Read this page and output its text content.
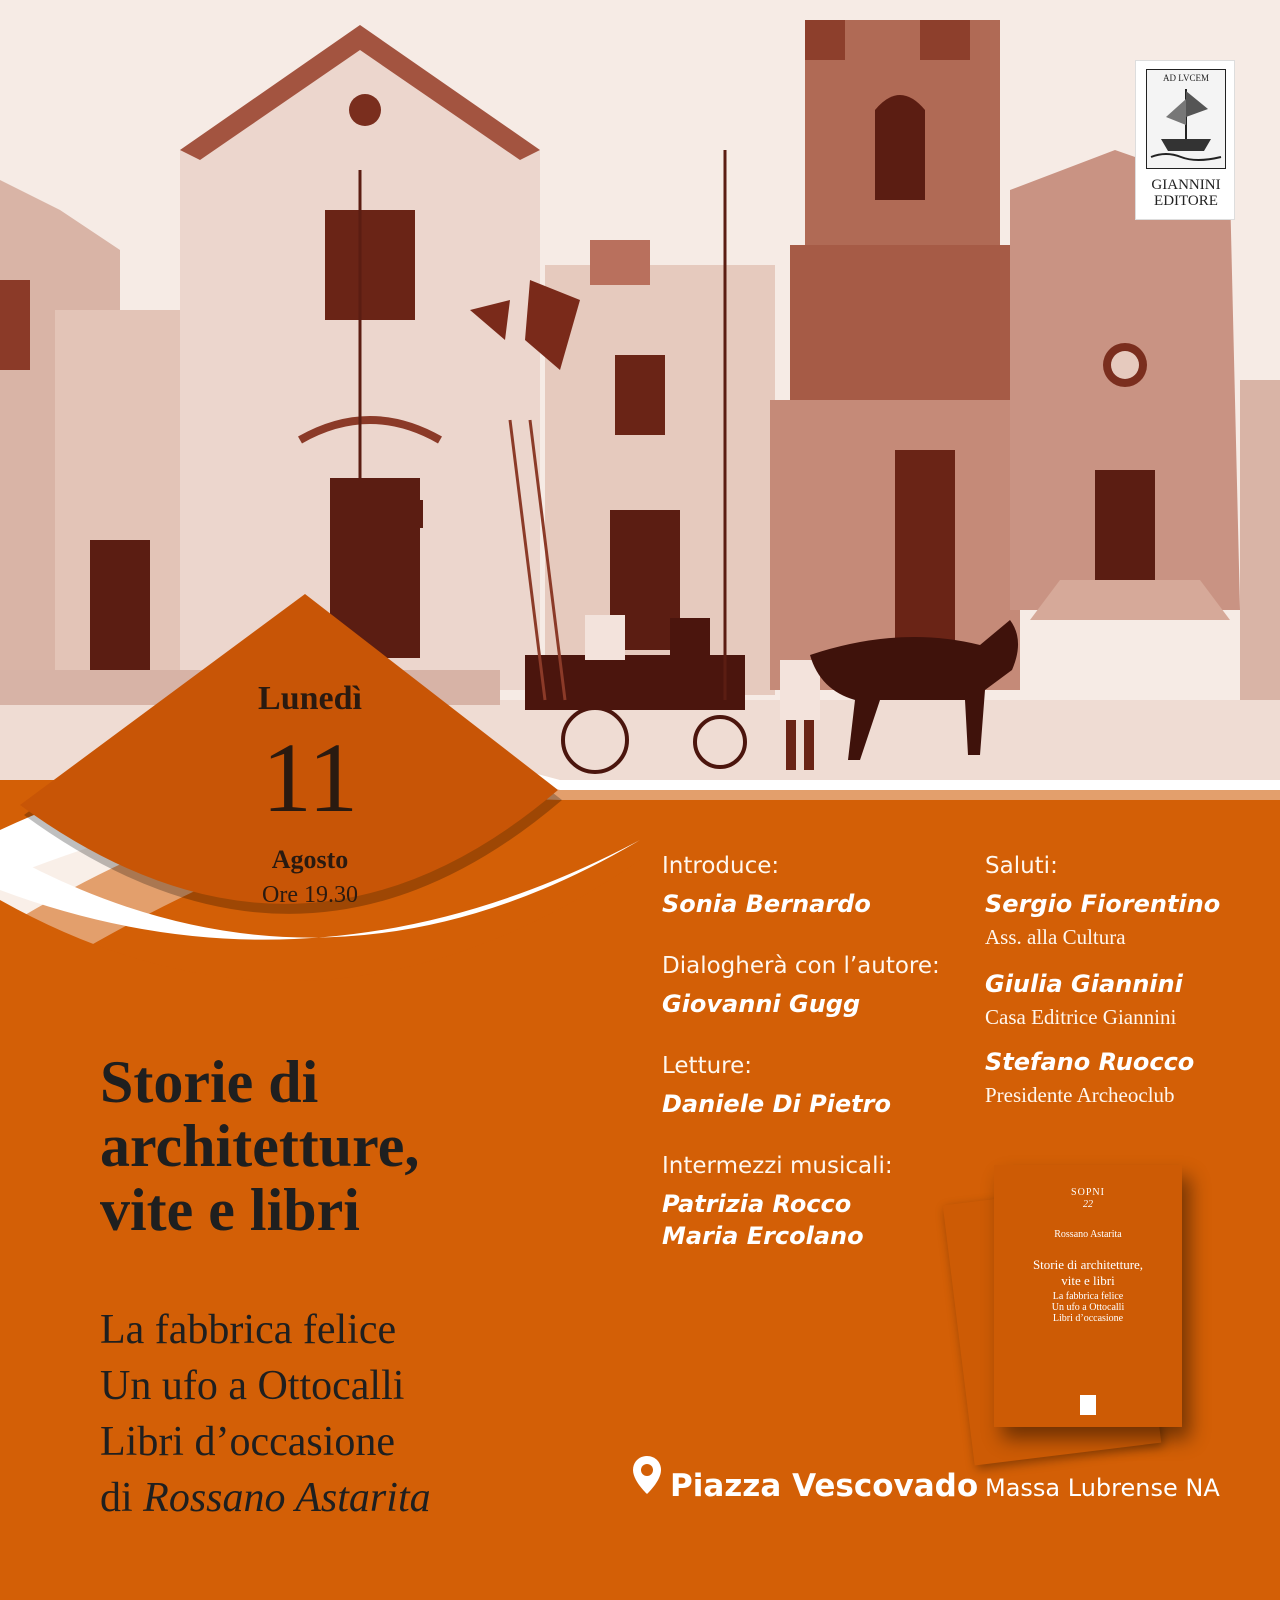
AD LVCEM
GIANNINI
EDITORE
Lunedì
11
Agosto
Ore 19.30
Storie di
architetture,
vite e libri
La fabbrica felice
Un ufo a Ottocalli
Libri d’occasione
di Rossano Astarita
Introduce:
Sonia Bernardo
Dialogherà con l’autore:
Giovanni Gugg
Letture:
Daniele Di Pietro
Intermezzi musicali:
Patrizia Rocco
Maria Ercolano
Saluti:
Sergio Fiorentino
Ass. alla Cultura
Giulia Giannini
Casa Editrice Giannini
Stefano Ruocco
Presidente Archeoclub
SOPNI
22
Rossano Astarita
Storie di architetture,
vite e libri
La fabbrica felice
Un ufo a Ottocalli
Libri d’occasione
Piazza Vescovado Massa Lubrense NA
